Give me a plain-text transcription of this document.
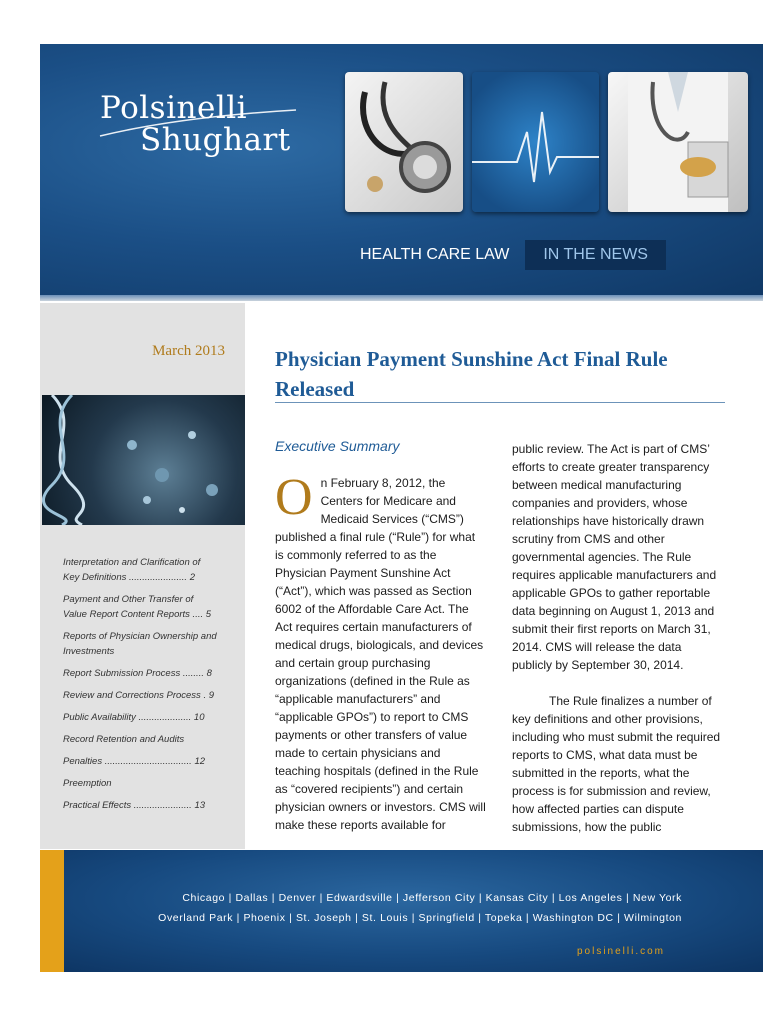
Polsinelli
Shughart
HEALTH CARE LAW	IN THE NEWS
March 2013
Interpretation and Clarification of Key Definitions ...................... 2
Payment and Other Transfer of Value Report Content Reports .... 5
Reports of Physician Ownership and Investments
Report Submission Process ........ 8
Review and Corrections Process . 9
Public Availability .................... 10
Record Retention and Audits
Penalties ................................. 12
Preemption
Practical Effects ...................... 13
Physician Payment Sunshine Act Final Rule Released
Executive Summary
O n February 8, 2012, the Centers for Medicare and Medicaid Services (“CMS”) published a final rule (“Rule”) for what is commonly referred to as the Physician Payment Sunshine Act (“Act”), which was passed as Section 6002 of the Affordable Care Act. The Act requires certain manufacturers of medical drugs, biologicals, and devices and certain group purchasing organizations (defined in the Rule as “applicable manufacturers” and “applicable GPOs”) to report to CMS payments or other transfers of value made to certain physicians and teaching hospitals (defined in the Rule as “covered recipients”) and certain physician owners or investors. CMS will make these reports available for

public review. The Act is part of CMS’ efforts to create greater transparency between medical manufacturing companies and providers, whose relationships have historically drawn scrutiny from CMS and other governmental agencies. The Rule requires applicable manufacturers and applicable GPOs to gather reportable data beginning on August 1, 2013 and submit their first reports on March 31, 2014. CMS will release the data publicly by September 30, 2014.

The Rule finalizes a number of key definitions and other provisions, including who must submit the required reports to CMS, what data must be submitted in the reports, what the process is for submission and review, how affected parties can dispute submissions, how the public

Chicago | Dallas | Denver | Edwardsville | Jefferson City | Kansas City | Los Angeles | New York
Overland Park | Phoenix | St. Joseph | St. Louis | Springfield | Topeka | Washington DC | Wilmington
polsinelli.com
